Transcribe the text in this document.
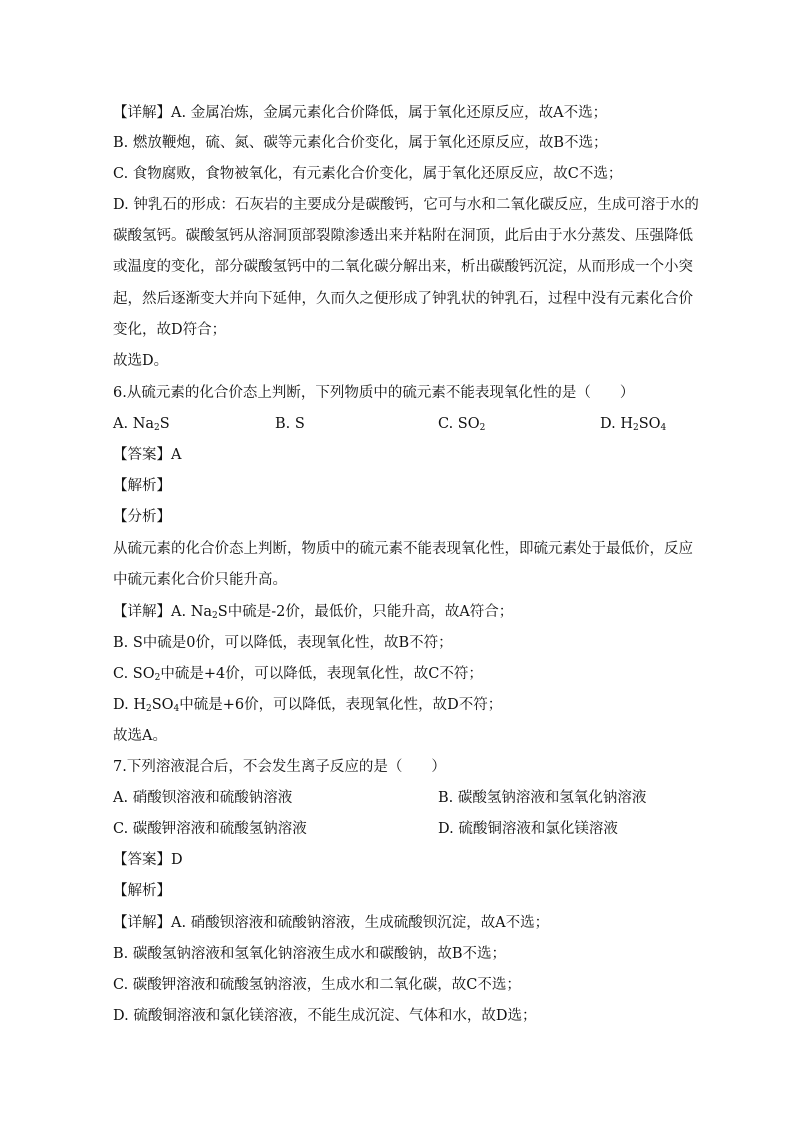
【详解】A. 金属冶炼，金属元素化合价降低，属于氧化还原反应，故A不选；

B. 燃放鞭炮，硫、氮、碳等元素化合价变化，属于氧化还原反应，故B不选；

C. 食物腐败，食物被氧化，有元素化合价变化，属于氧化还原反应，故C不选；

D. 钟乳石的形成：石灰岩的主要成分是碳酸钙，它可与水和二氧化碳反应，生成可溶于水的

碳酸氢钙。碳酸氢钙从溶洞顶部裂隙渗透出来并粘附在洞顶，此后由于水分蒸发、压强降低

或温度的变化，部分碳酸氢钙中的二氧化碳分解出来，析出碳酸钙沉淀，从而形成一个小突

起，然后逐渐变大并向下延伸，久而久之便形成了钟乳状的钟乳石，过程中没有元素化合价

变化，故D符合；

故选D。

6.从硫元素的化合价态上判断，下列物质中的硫元素不能表现氧化性的是（　　）

A. $Na_2S$	B. S	C. $SO_2$	D. $H_2SO_4$

【答案】A

【解析】

【分析】

从硫元素的化合价态上判断，物质中的硫元素不能表现氧化性，即硫元素处于最低价，反应

中硫元素化合价只能升高。

【详解】A. $Na_2S$中硫是-2价，最低价，只能升高，故A符合；

B. S中硫是0价，可以降低，表现氧化性，故B不符；

C. $SO_2$中硫是+4价，可以降低，表现氧化性，故C不符；

D. $H_2SO_4$中硫是+6价，可以降低，表现氧化性，故D不符；

故选A。

7.下列溶液混合后，不会发生离子反应的是（　　）

A. 硝酸钡溶液和硫酸钠溶液	B. 碳酸氢钠溶液和氢氧化钠溶液
C. 碳酸钾溶液和硫酸氢钠溶液	D. 硫酸铜溶液和氯化镁溶液

【答案】D

【解析】

【详解】A. 硝酸钡溶液和硫酸钠溶液，生成硫酸钡沉淀，故A不选；

B. 碳酸氢钠溶液和氢氧化钠溶液生成水和碳酸钠，故B不选；

C. 碳酸钾溶液和硫酸氢钠溶液，生成水和二氧化碳，故C不选；

D. 硫酸铜溶液和氯化镁溶液，不能生成沉淀、气体和水，故D选；
